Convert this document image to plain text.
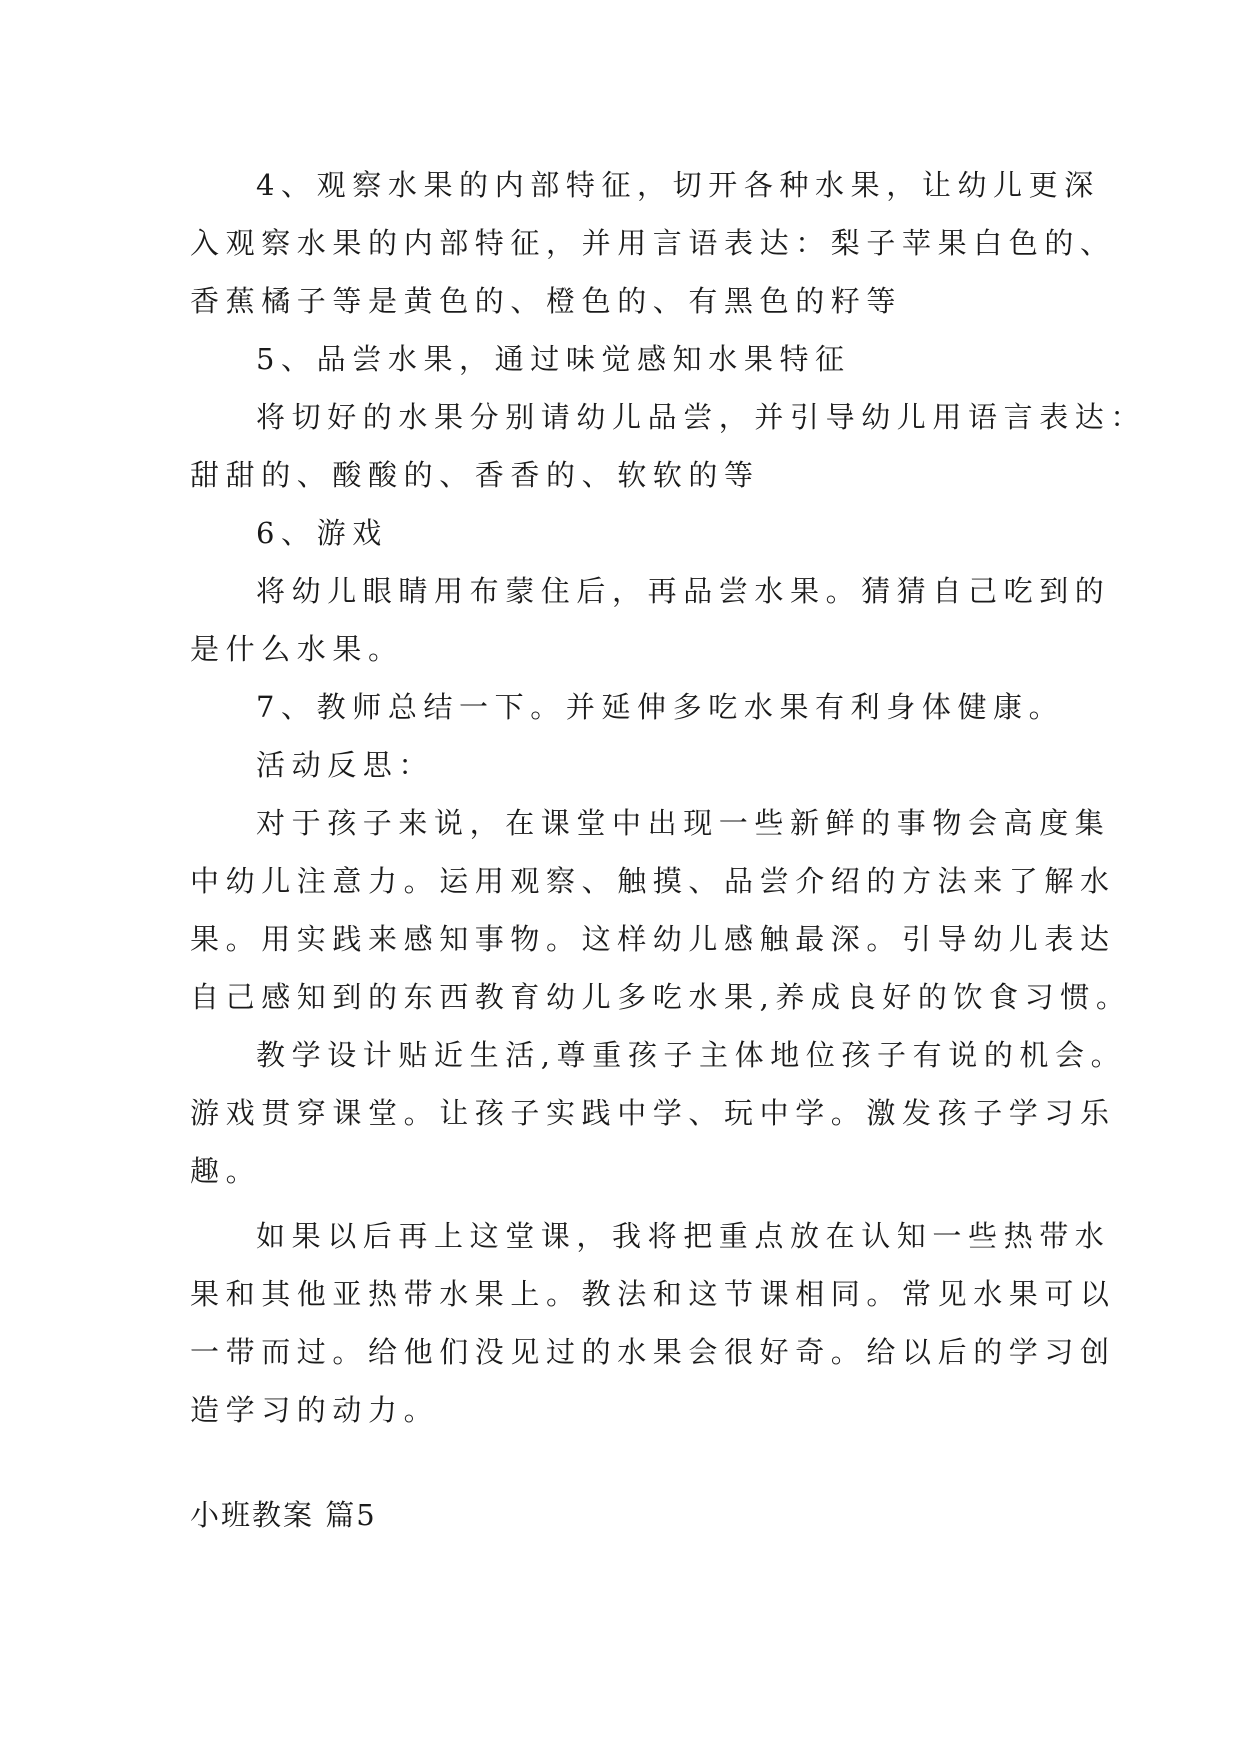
4、观察水果的内部特征，切开各种水果，让幼儿更深
入观察水果的内部特征，并用言语表达：梨子苹果白色的、
香蕉橘子等是黄色的、橙色的、有黑色的籽等
5、品尝水果，通过味觉感知水果特征
将切好的水果分别请幼儿品尝，并引导幼儿用语言表达：
甜甜的、酸酸的、香香的、软软的等
6、游戏
将幼儿眼睛用布蒙住后，再品尝水果。猜猜自己吃到的
是什么水果。
7、教师总结一下。并延伸多吃水果有利身体健康。
活动反思：
对于孩子来说，在课堂中出现一些新鲜的事物会高度集
中幼儿注意力。运用观察、触摸、品尝介绍的方法来了解水
果。用实践来感知事物。这样幼儿感触最深。引导幼儿表达
自己感知到的东西教育幼儿多吃水果,养成良好的饮食习惯。
教学设计贴近生活,尊重孩子主体地位孩子有说的机会。
游戏贯穿课堂。让孩子实践中学、玩中学。激发孩子学习乐
趣。
如果以后再上这堂课，我将把重点放在认知一些热带水
果和其他亚热带水果上。教法和这节课相同。常见水果可以
一带而过。给他们没见过的水果会很好奇。给以后的学习创
造学习的动力。
小班教案 篇5
